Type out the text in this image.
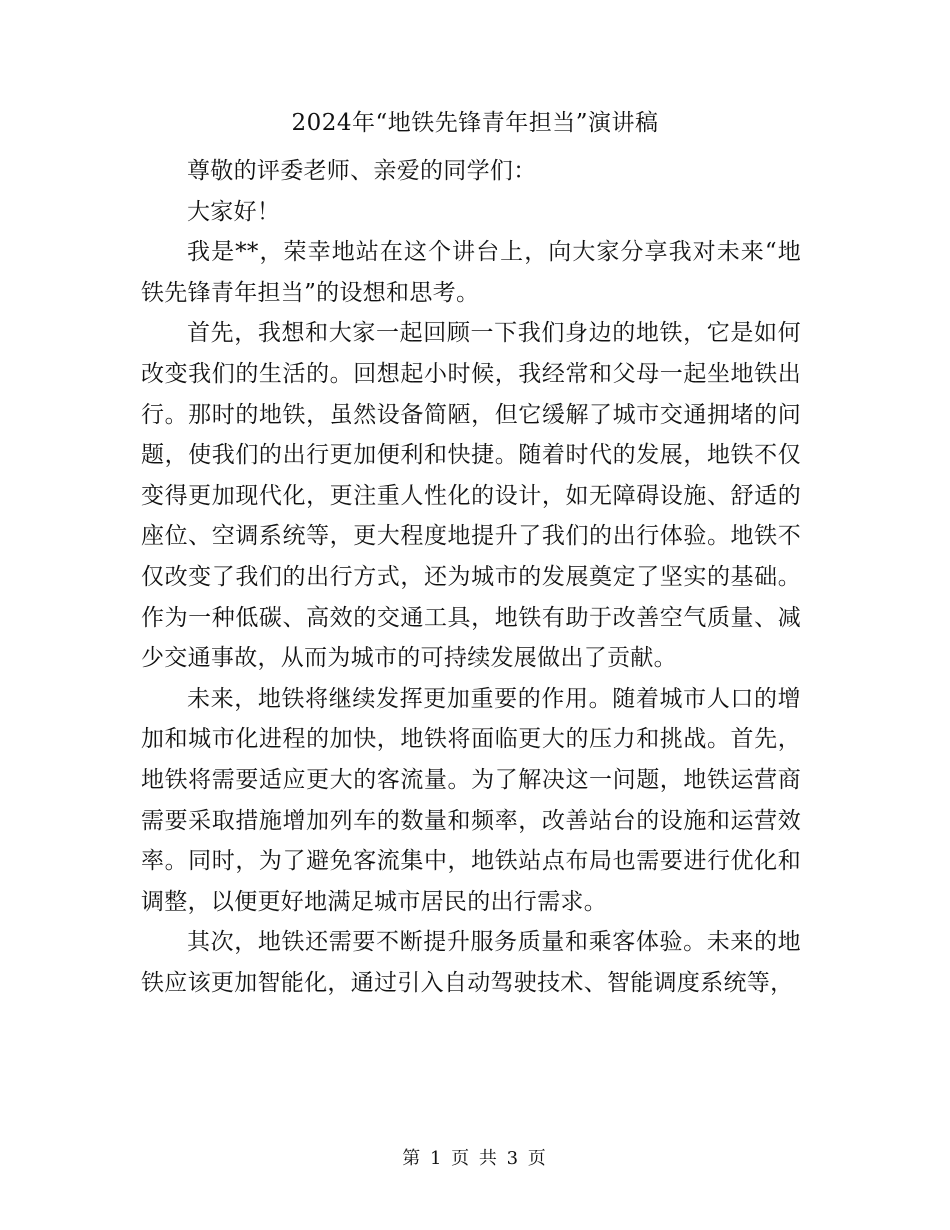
2024年“地铁先锋青年担当”演讲稿

尊敬的评委老师、亲爱的同学们：

大家好！

我是**，荣幸地站在这个讲台上，向大家分享我对未来“地铁先锋青年担当”的设想和思考。

首先，我想和大家一起回顾一下我们身边的地铁，它是如何改变我们的生活的。回想起小时候，我经常和父母一起坐地铁出行。那时的地铁，虽然设备简陋，但它缓解了城市交通拥堵的问题，使我们的出行更加便利和快捷。随着时代的发展，地铁不仅变得更加现代化，更注重人性化的设计，如无障碍设施、舒适的座位、空调系统等，更大程度地提升了我们的出行体验。地铁不仅改变了我们的出行方式，还为城市的发展奠定了坚实的基础。作为一种低碳、高效的交通工具，地铁有助于改善空气质量、减少交通事故，从而为城市的可持续发展做出了贡献。

未来，地铁将继续发挥更加重要的作用。随着城市人口的增加和城市化进程的加快，地铁将面临更大的压力和挑战。首先，地铁将需要适应更大的客流量。为了解决这一问题，地铁运营商需要采取措施增加列车的数量和频率，改善站台的设施和运营效率。同时，为了避免客流集中，地铁站点布局也需要进行优化和调整，以便更好地满足城市居民的出行需求。

其次，地铁还需要不断提升服务质量和乘客体验。未来的地铁应该更加智能化，通过引入自动驾驶技术、智能调度系统等，

第 1 页 共 3 页
